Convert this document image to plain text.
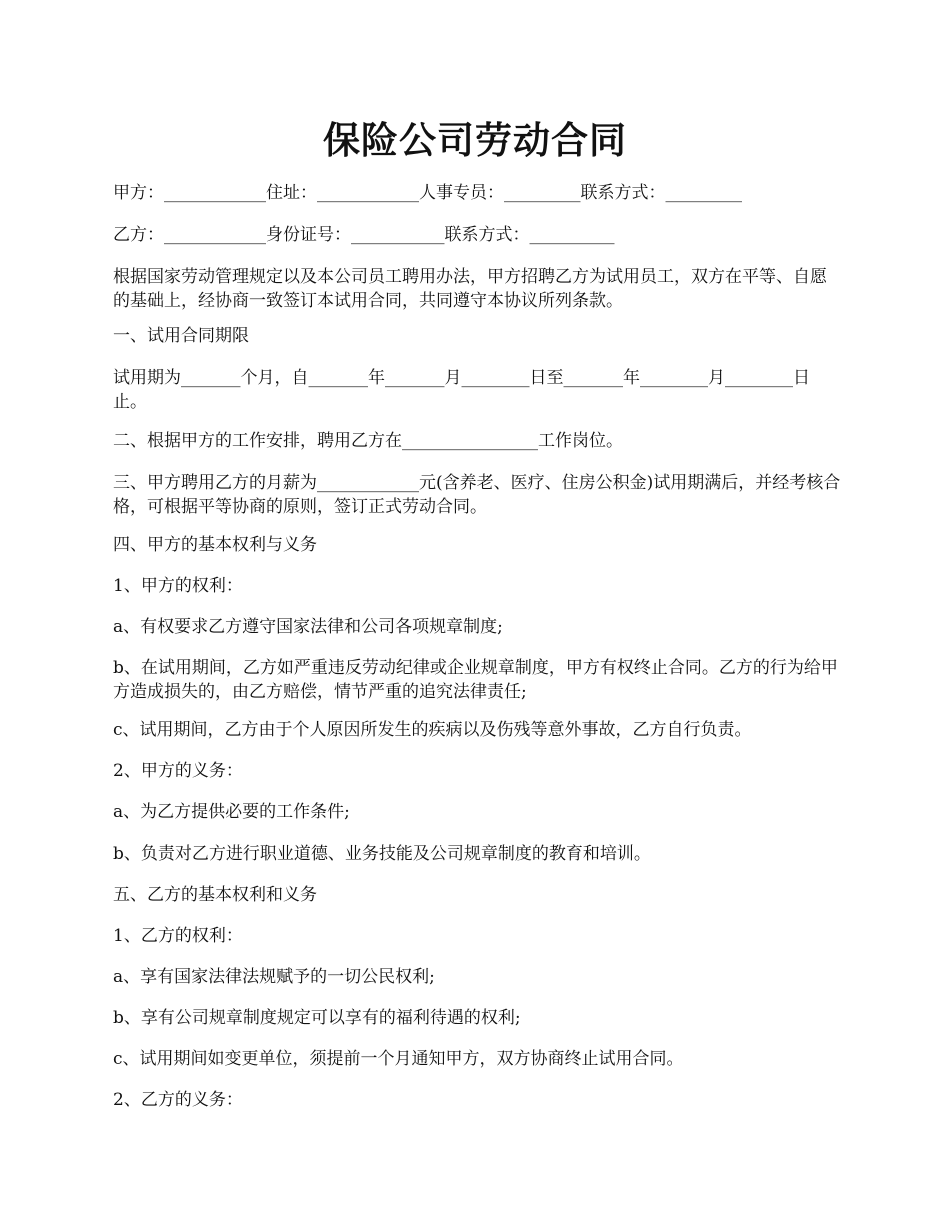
保险公司劳动合同
甲方：____________住址：____________人事专员：_________联系方式：_________
乙方：____________身份证号：___________联系方式：__________
根据国家劳动管理规定以及本公司员工聘用办法，甲方招聘乙方为试用员工，双方在平等、自愿的基础上，经协商一致签订本试用合同，共同遵守本协议所列条款。
一、试用合同期限
试用期为_______个月，自_______年_______月________日至_______年________月________日止。
二、根据甲方的工作安排，聘用乙方在________________工作岗位。
三、甲方聘用乙方的月薪为____________元(含养老、医疗、住房公积金)试用期满后，并经考核合格，可根据平等协商的原则，签订正式劳动合同。
四、甲方的基本权利与义务
1、甲方的权利：
a、有权要求乙方遵守国家法律和公司各项规章制度;
b、在试用期间，乙方如严重违反劳动纪律或企业规章制度，甲方有权终止合同。乙方的行为给甲方造成损失的，由乙方赔偿，情节严重的追究法律责任;
c、试用期间，乙方由于个人原因所发生的疾病以及伤残等意外事故，乙方自行负责。
2、甲方的义务：
a、为乙方提供必要的工作条件;
b、负责对乙方进行职业道德、业务技能及公司规章制度的教育和培训。
五、乙方的基本权利和义务
1、乙方的权利：
a、享有国家法律法规赋予的一切公民权利;
b、享有公司规章制度规定可以享有的福利待遇的权利;
c、试用期间如变更单位，须提前一个月通知甲方，双方协商终止试用合同。
2、乙方的义务：
